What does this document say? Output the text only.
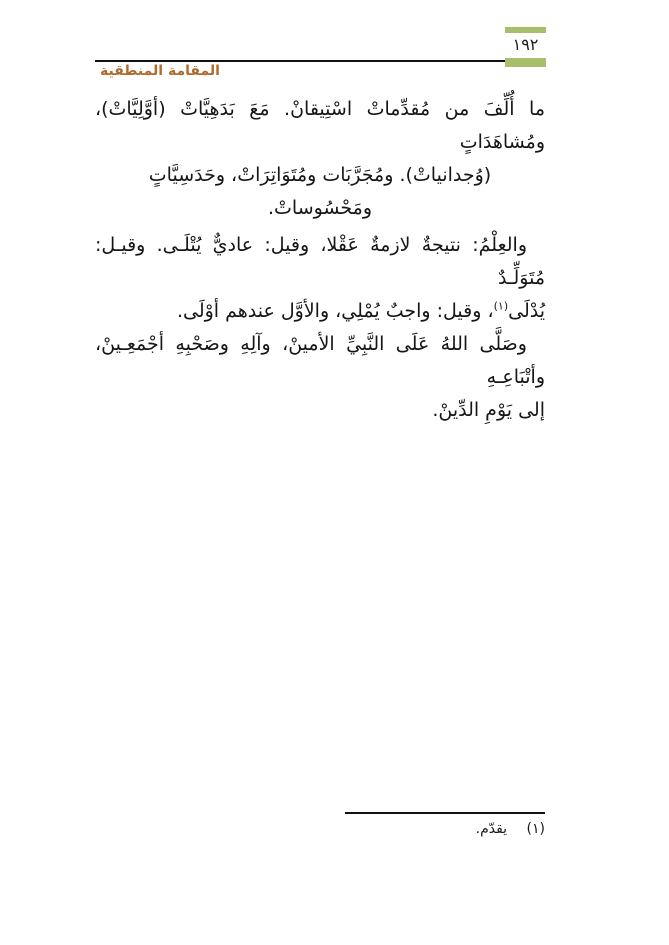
١٩٢
المقامة المنطقية
ما أُلِّفَ من مُقدِّماتْ اسْتِيقانْ. مَعَ بَدَهِيَّاتْ (أوَّلِيَّاتْ)، ومُشاهَدَاتٍ
(وُجدانياتْ). ومُجَرَّبَات ومُتَوَاتِرَاتْ، وحَدَسِيَّاتٍ ومَحْسُوساتْ.
والعِلْمُ: نتيجةٌ لازمةٌ عَقْلا، وقيل: عاديٌّ يُتْلَـى. وقيـل: مُتَوَلِّـدٌ
يُدْلَى$^{(١)}$، وقيل: واجبٌ يُمْلِي، والأوَّل عندهم أوْلَى.
وصَلَّى اللهُ عَلَى النَّبِيِّ الأمينْ، وآلِهِ وصَحْبِهِ أجْمَعِـينْ، وأتْبَاعِـهِ
إلى يَوْمِ الدِّينْ.
(١) يقدّم.
